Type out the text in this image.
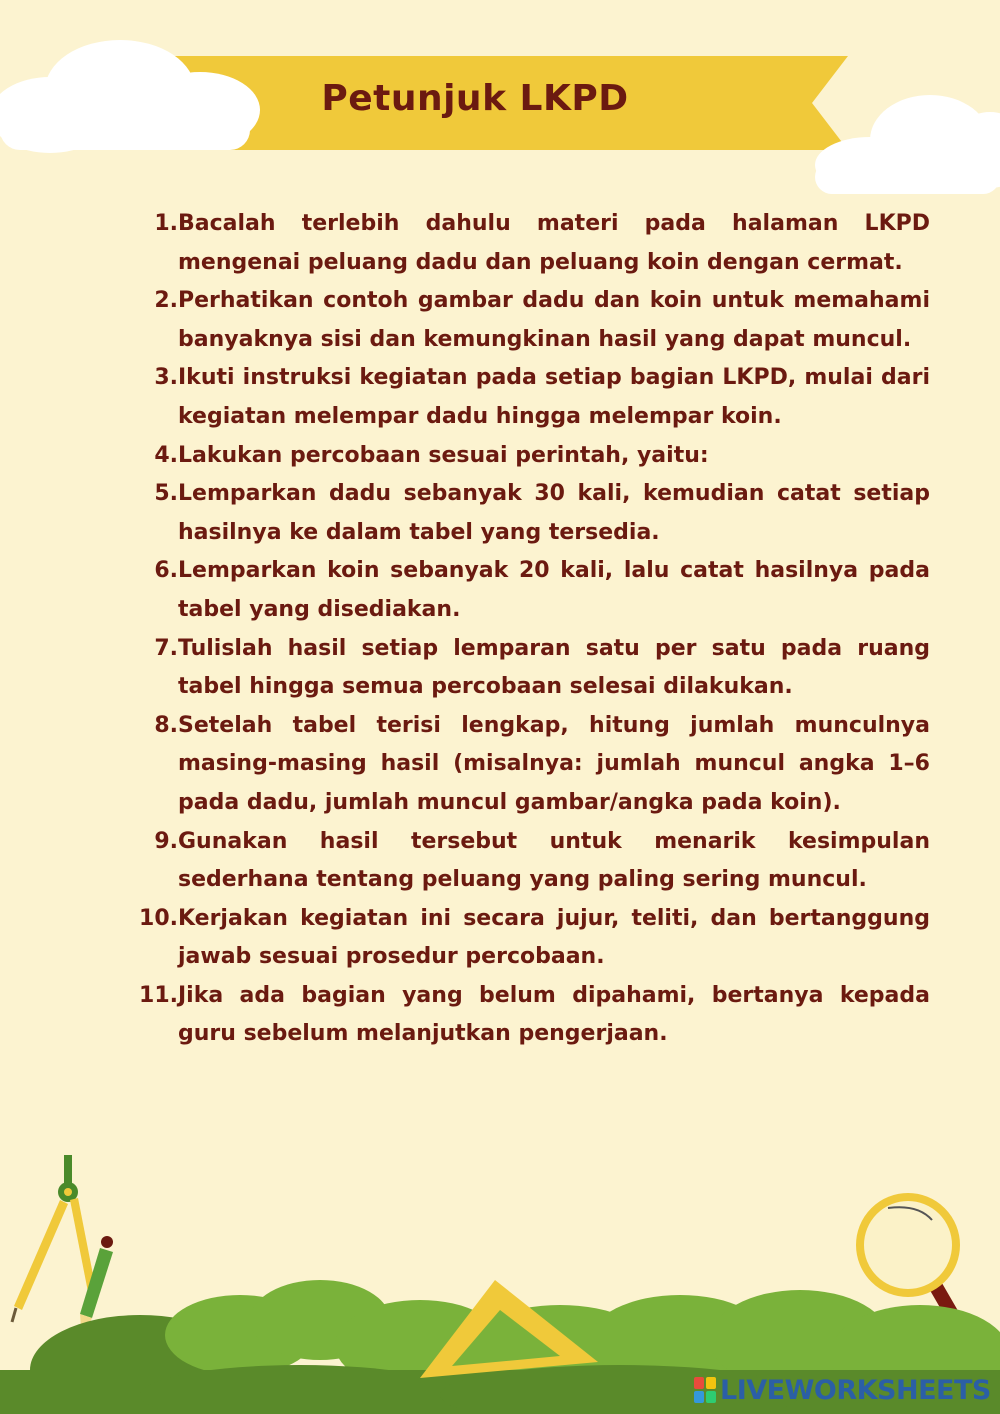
Petunjuk LKPD
1. Bacalah terlebih dahulu materi pada halaman LKPD mengenai peluang dadu dan peluang koin dengan cermat.
2. Perhatikan contoh gambar dadu dan koin untuk memahami banyaknya sisi dan kemungkinan hasil yang dapat muncul.
3. Ikuti instruksi kegiatan pada setiap bagian LKPD, mulai dari kegiatan melempar dadu hingga melempar koin.
4. Lakukan percobaan sesuai perintah, yaitu:
5. Lemparkan dadu sebanyak 30 kali, kemudian catat setiap hasilnya ke dalam tabel yang tersedia.
6. Lemparkan koin sebanyak 20 kali, lalu catat hasilnya pada tabel yang disediakan.
7. Tulislah hasil setiap lemparan satu per satu pada ruang tabel hingga semua percobaan selesai dilakukan.
8. Setelah tabel terisi lengkap, hitung jumlah munculnya masing-masing hasil (misalnya: jumlah muncul angka 1–6 pada dadu, jumlah muncul gambar/angka pada koin).
9. Gunakan hasil tersebut untuk menarik kesimpulan sederhana tentang peluang yang paling sering muncul.
10. Kerjakan kegiatan ini secara jujur, teliti, dan bertanggung jawab sesuai prosedur percobaan.
11. Jika ada bagian yang belum dipahami, bertanya kepada guru sebelum melanjutkan pengerjaan.
LIVEWORKSHEETS
